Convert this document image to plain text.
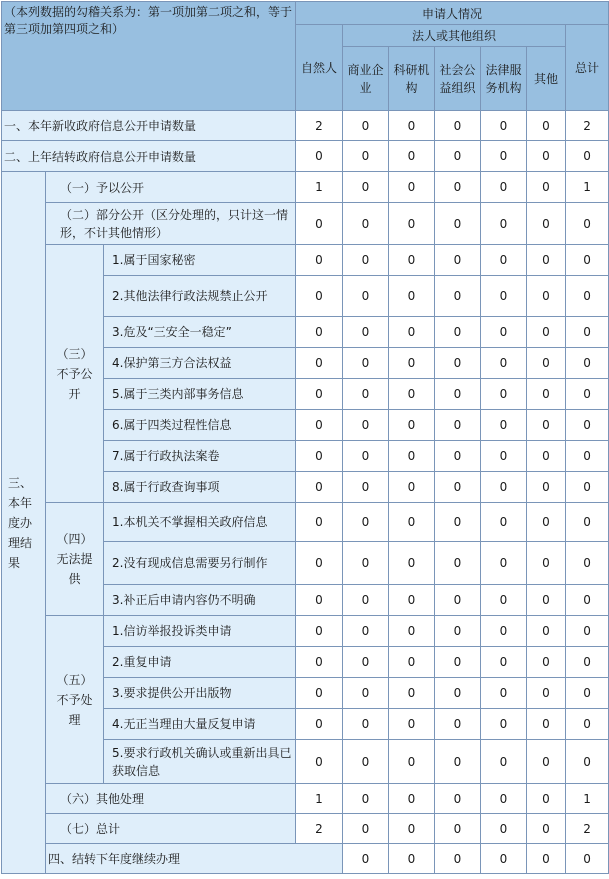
（本列数据的勾稽关系为：第一项加第二项之和，等于第三项加第四项之和）			申请人情况							
			自然人	法人或其他组织					总计	
				商业企业	科研机构	社会公益组织	法律服务机构	其他		
一、本年新收政府信息公开申请数量			2	0	0	0	0	0	2	
二、上年结转政府信息公开申请数量			0	0	0	0	0	0	0	
三、本年度办理结果	（一）予以公开		1	0	0	0	0	0	1	
	（二）部分公开（区分处理的，只计这一情形，不计其他情形）		0	0	0	0	0	0	0	
	（三）不予公开	1.属于国家秘密	0	0	0	0	0	0	0	
		2.其他法律行政法规禁止公开	0	0	0	0	0	0	0	
		3.危及“三安全一稳定”	0	0	0	0	0	0	0	
		4.保护第三方合法权益	0	0	0	0	0	0	0	
		5.属于三类内部事务信息	0	0	0	0	0	0	0	
		6.属于四类过程性信息	0	0	0	0	0	0	0	
		7.属于行政执法案卷	0	0	0	0	0	0	0	
		8.属于行政查询事项	0	0	0	0	0	0	0	
	（四）无法提供	1.本机关不掌握相关政府信息	0	0	0	0	0	0	0	
		2.没有现成信息需要另行制作	0	0	0	0	0	0	0	
		3.补正后申请内容仍不明确	0	0	0	0	0	0	0	
	（五）不予处理	1.信访举报投诉类申请	0	0	0	0	0	0	0	
		2.重复申请	0	0	0	0	0	0	0	
		3.要求提供公开出版物	0	0	0	0	0	0	0	
		4.无正当理由大量反复申请	0	0	0	0	0	0	0	
		5.要求行政机关确认或重新出具已获取信息	0	0	0	0	0	0	0	
	（六）其他处理		1	0	0	0	0	0	1	
	（七）总计		2	0	0	0	0	0	2	
	四、结转下年度继续办理			0	0	0	0	0	0	
